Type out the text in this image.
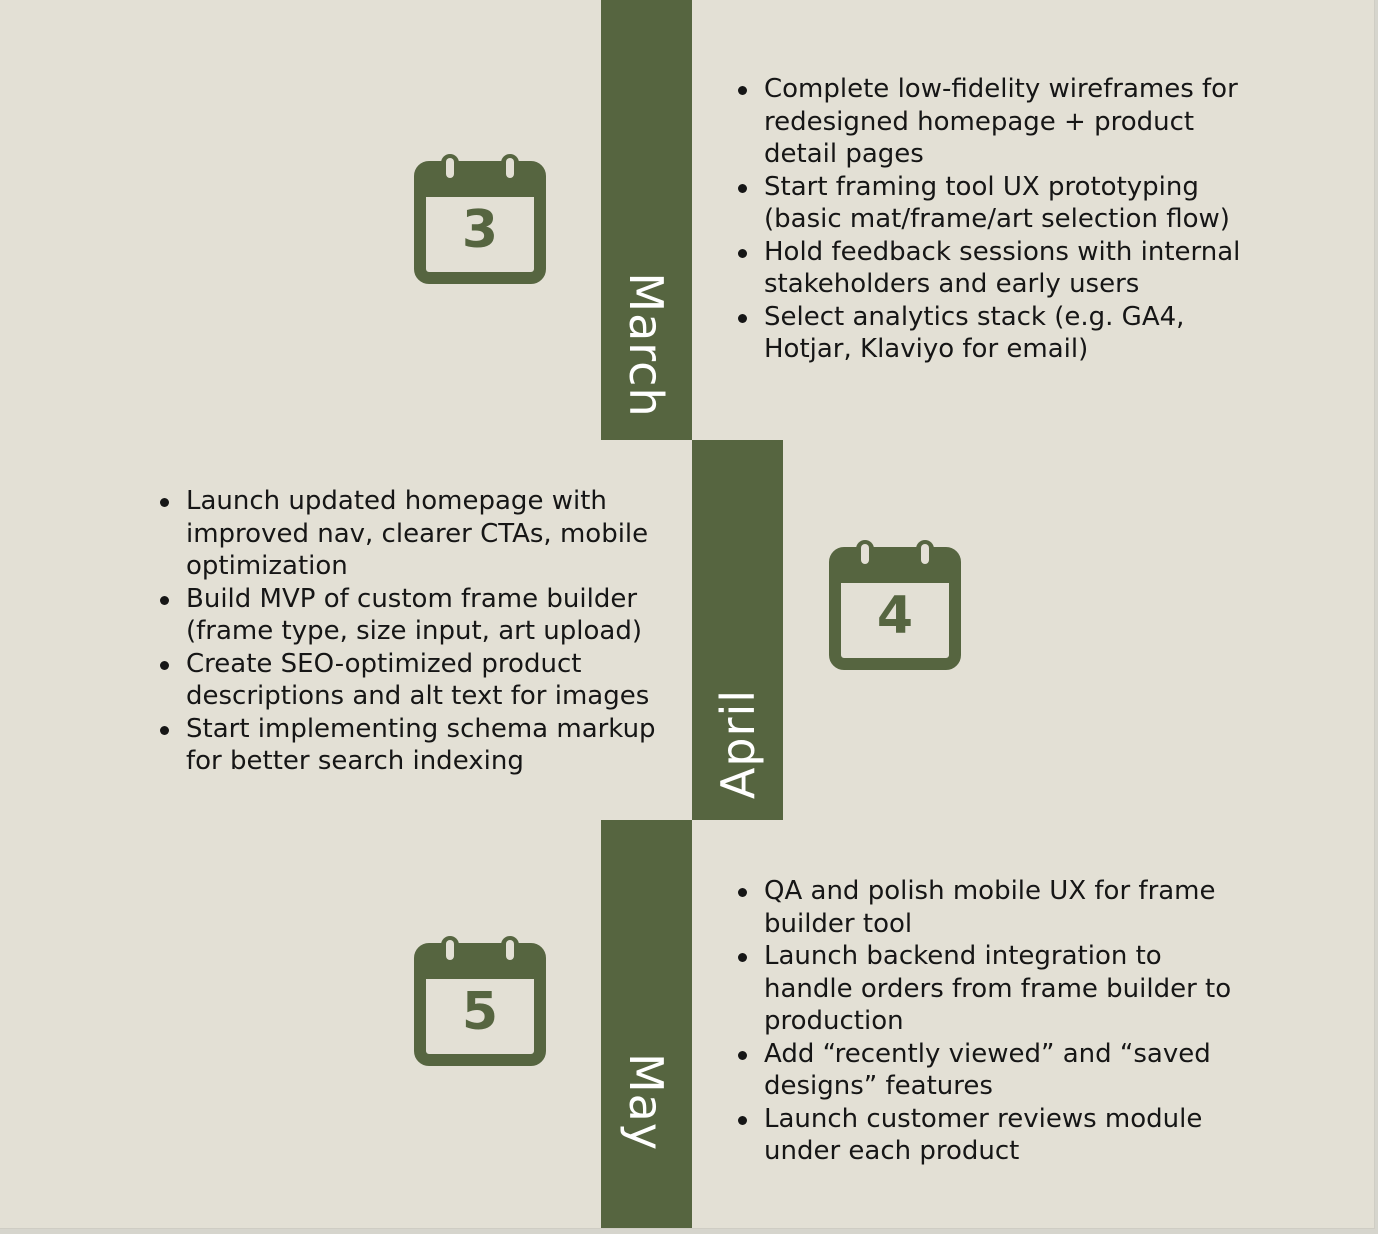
March
3
Complete low-fidelity wireframes for redesigned homepage + product detail pages
Start framing tool UX prototyping (basic mat/frame/art selection flow)
Hold feedback sessions with internal stakeholders and early users
Select analytics stack (e.g. GA4, Hotjar, Klaviyo for email)
April
4
Launch updated homepage with improved nav, clearer CTAs, mobile optimization
Build MVP of custom frame builder (frame type, size input, art upload)
Create SEO-optimized product descriptions and alt text for images
Start implementing schema markup for better search indexing
May
5
QA and polish mobile UX for frame builder tool
Launch backend integration to handle orders from frame builder to production
Add “recently viewed” and “saved designs” features
Launch customer reviews module under each product
